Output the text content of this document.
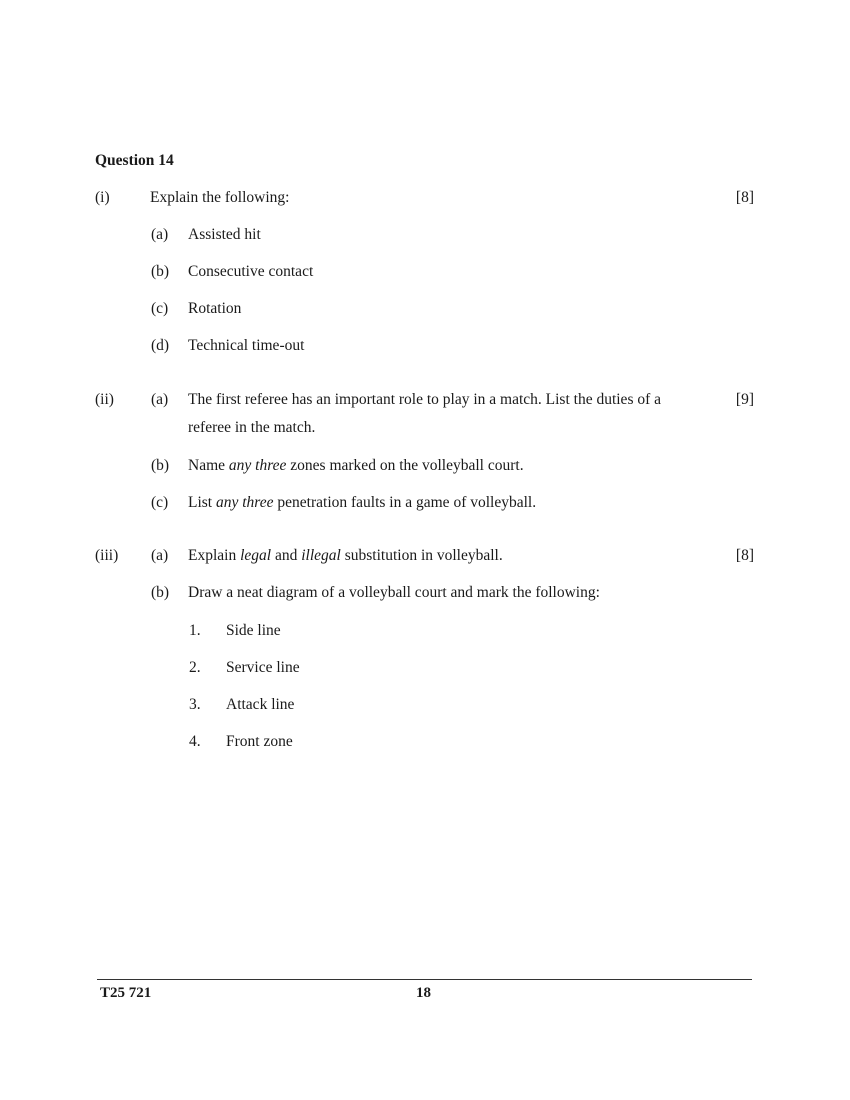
Question 14
(i)	Explain the following:	[8]
(a) Assisted hit
(b) Consecutive contact
(c) Rotation
(d) Technical time-out
(ii) (a) The first referee has an important role to play in a match. List the duties of a	[9]
referee in the match.
(b) Name any three zones marked on the volleyball court.
(c) List any three penetration faults in a game of volleyball.
(iii) (a) Explain legal and illegal substitution in volleyball.	[8]
(b) Draw a neat diagram of a volleyball court and mark the following:
1. Side line
2. Service line
3. Attack line
4. Front zone
T25 721	18
